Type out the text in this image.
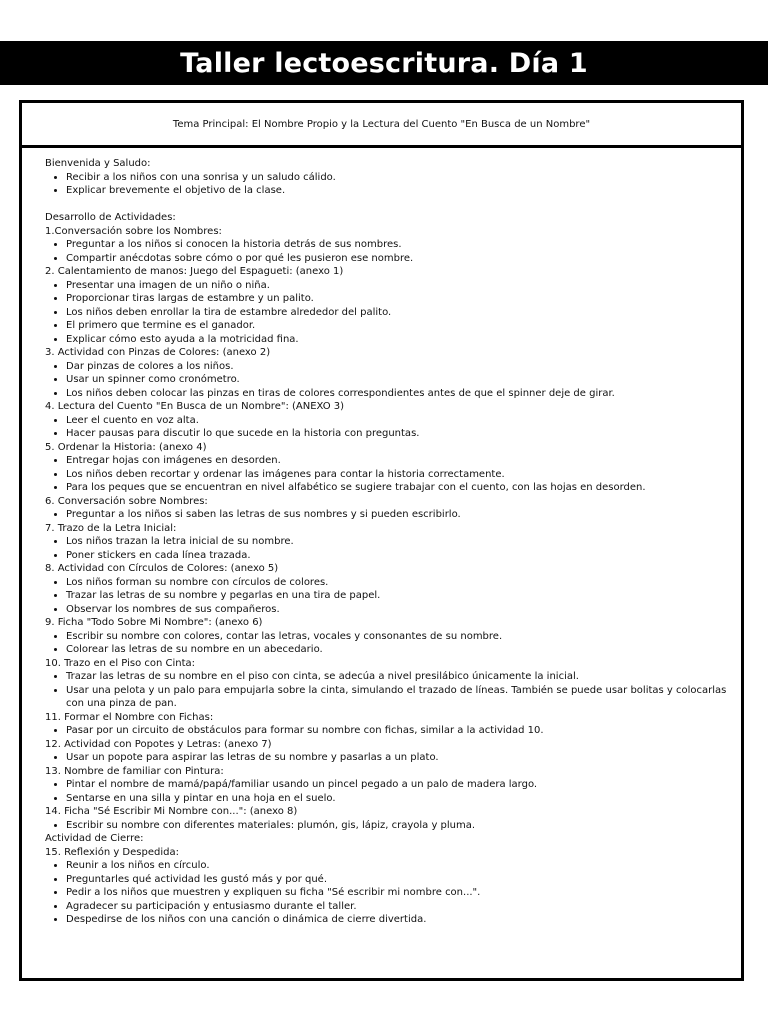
Taller lectoescritura. Día 1
Tema Principal: El Nombre Propio y la Lectura del Cuento "En Busca de un Nombre"

Bienvenida y Saludo:

• Recibir a los niños con una sonrisa y un saludo cálido.
• Explicar brevemente el objetivo de la clase.

Desarrollo de Actividades:

1.Conversación sobre los Nombres:

• Preguntar a los niños si conocen la historia detrás de sus nombres.
• Compartir anécdotas sobre cómo o por qué les pusieron ese nombre.

2. Calentamiento de manos: Juego del Espagueti: (anexo 1)

• Presentar una imagen de un niño o niña.
• Proporcionar tiras largas de estambre y un palito.
• Los niños deben enrollar la tira de estambre alrededor del palito.
• El primero que termine es el ganador.
• Explicar cómo esto ayuda a la motricidad fina.

3. Actividad con Pinzas de Colores: (anexo 2)

• Dar pinzas de colores a los niños.
• Usar un spinner como cronómetro.
• Los niños deben colocar las pinzas en tiras de colores correspondientes antes de que el spinner deje de girar.

4. Lectura del Cuento "En Busca de un Nombre": (ANEXO 3)

• Leer el cuento en voz alta.
• Hacer pausas para discutir lo que sucede en la historia con preguntas.

5. Ordenar la Historia: (anexo 4)

• Entregar hojas con imágenes en desorden.
• Los niños deben recortar y ordenar las imágenes para contar la historia correctamente.
• Para los peques que se encuentran en nivel alfabético se sugiere trabajar con el cuento, con las hojas en desorden.

6. Conversación sobre Nombres:

• Preguntar a los niños si saben las letras de sus nombres y si pueden escribirlo.

7. Trazo de la Letra Inicial:

• Los niños trazan la letra inicial de su nombre.
• Poner stickers en cada línea trazada.

8. Actividad con Círculos de Colores: (anexo 5)

• Los niños forman su nombre con círculos de colores.
• Trazar las letras de su nombre y pegarlas en una tira de papel.
• Observar los nombres de sus compañeros.

9. Ficha "Todo Sobre Mi Nombre": (anexo 6)

• Escribir su nombre con colores, contar las letras, vocales y consonantes de su nombre.
• Colorear las letras de su nombre en un abecedario.

10. Trazo en el Piso con Cinta:

• Trazar las letras de su nombre en el piso con cinta, se adecúa a nivel presilábico únicamente la inicial.
• Usar una pelota y un palo para empujarla sobre la cinta, simulando el trazado de líneas. También se puede usar bolitas y colocarlas con una pinza de pan.

11. Formar el Nombre con Fichas:

• Pasar por un circuito de obstáculos para formar su nombre con fichas, similar a la actividad 10.

12. Actividad con Popotes y Letras: (anexo 7)

• Usar un popote para aspirar las letras de su nombre y pasarlas a un plato.

13. Nombre de familiar con Pintura:

• Pintar el nombre de mamá/papá/familiar usando un pincel pegado a un palo de madera largo.
• Sentarse en una silla y pintar en una hoja en el suelo.

14. Ficha "Sé Escribir Mi Nombre con...": (anexo 8)

• Escribir su nombre con diferentes materiales: plumón, gis, lápiz, crayola y pluma.

Actividad de Cierre:

15. Reflexión y Despedida:

• Reunir a los niños en círculo.
• Preguntarles qué actividad les gustó más y por qué.
• Pedir a los niños que muestren y expliquen su ficha "Sé escribir mi nombre con...".
• Agradecer su participación y entusiasmo durante el taller.
• Despedirse de los niños con una canción o dinámica de cierre divertida.
